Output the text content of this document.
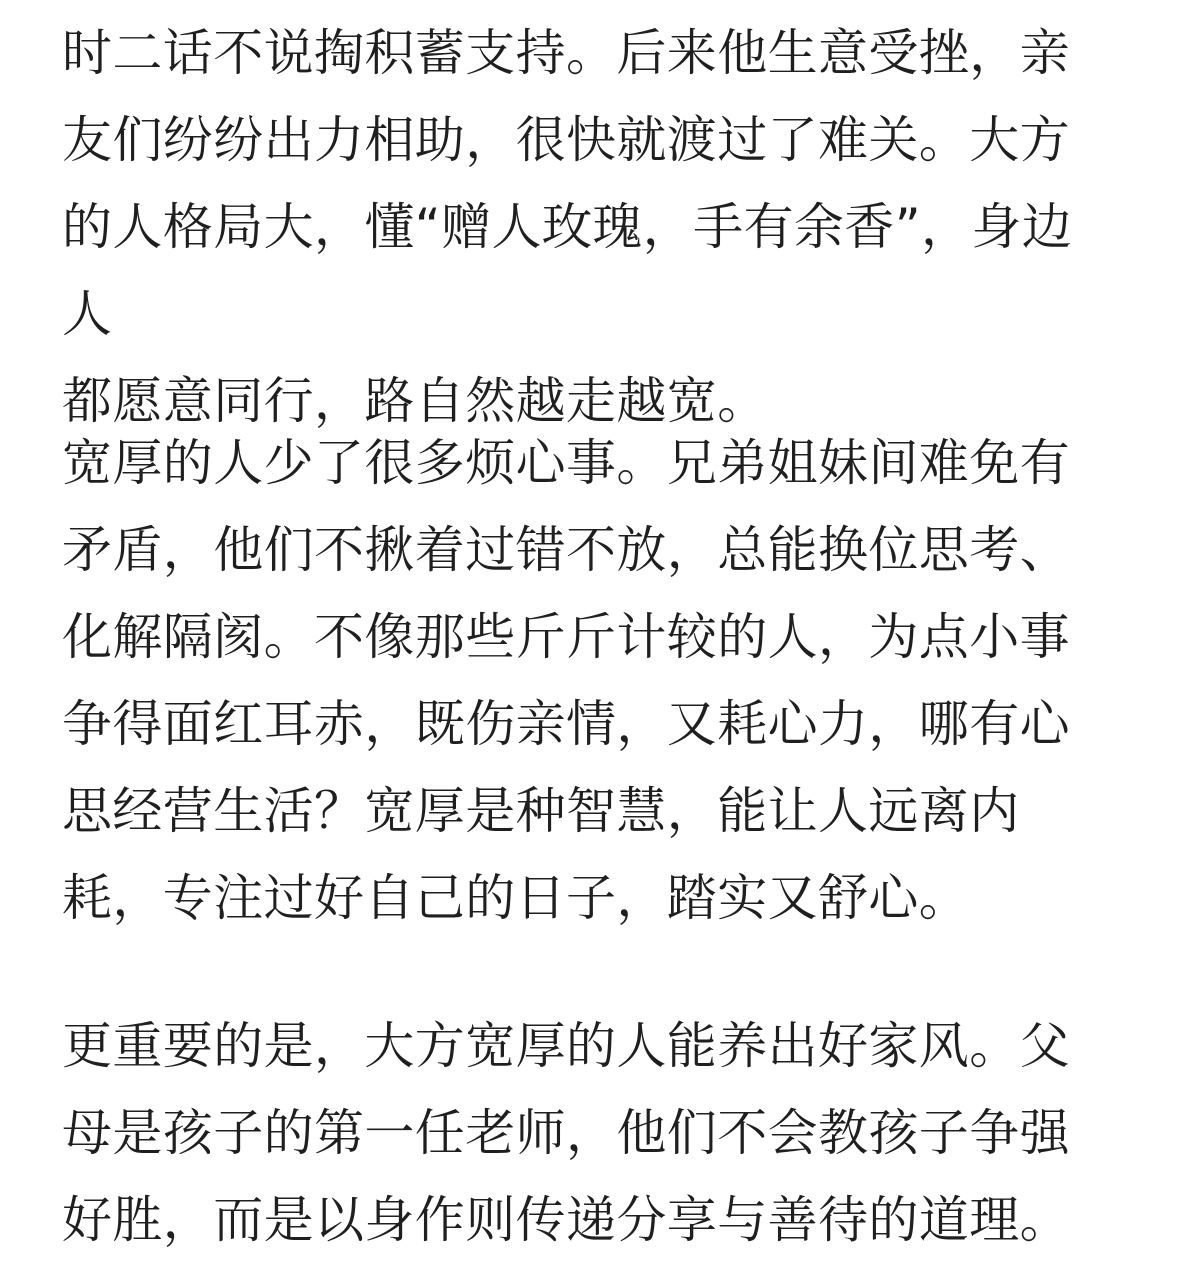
时二话不说掏积蓄支持。后来他生意受挫，亲
友们纷纷出力相助，很快就渡过了难关。大方
的人格局大，懂“赠人玫瑰，手有余香”，身边人
都愿意同行，路自然越走越宽。

宽厚的人少了很多烦心事。兄弟姐妹间难免有
矛盾，他们不揪着过错不放，总能换位思考、
化解隔阂。不像那些斤斤计较的人，为点小事
争得面红耳赤，既伤亲情，又耗心力，哪有心
思经营生活？宽厚是种智慧，能让人远离内
耗，专注过好自己的日子，踏实又舒心。

更重要的是，大方宽厚的人能养出好家风。父
母是孩子的第一任老师，他们不会教孩子争强
好胜，而是以身作则传递分享与善待的道理。
